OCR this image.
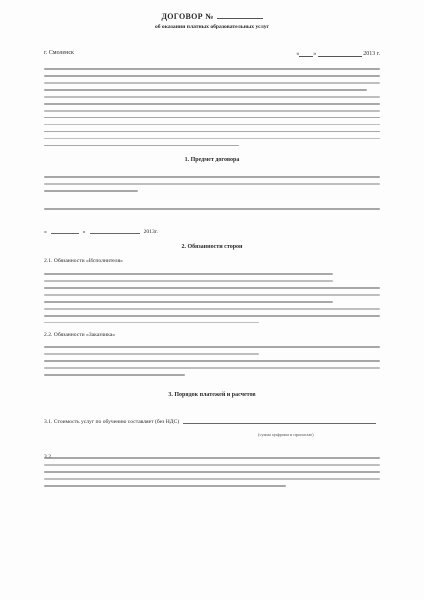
ДОГОВОР №
об оказании платных образовательных услуг
г. Смоленск	« »	2013 г.
1. Предмет договора
«	»	2013г.
2. Обязанности сторон
2.1. Обязанности «Исполнителя»
2.2. Обязанности «Заказчика»
3. Порядок платежей и расчетов
3.1. Стоимость услуг по обучению составляет (без НДС)
(сумма цифрами и прописью)
